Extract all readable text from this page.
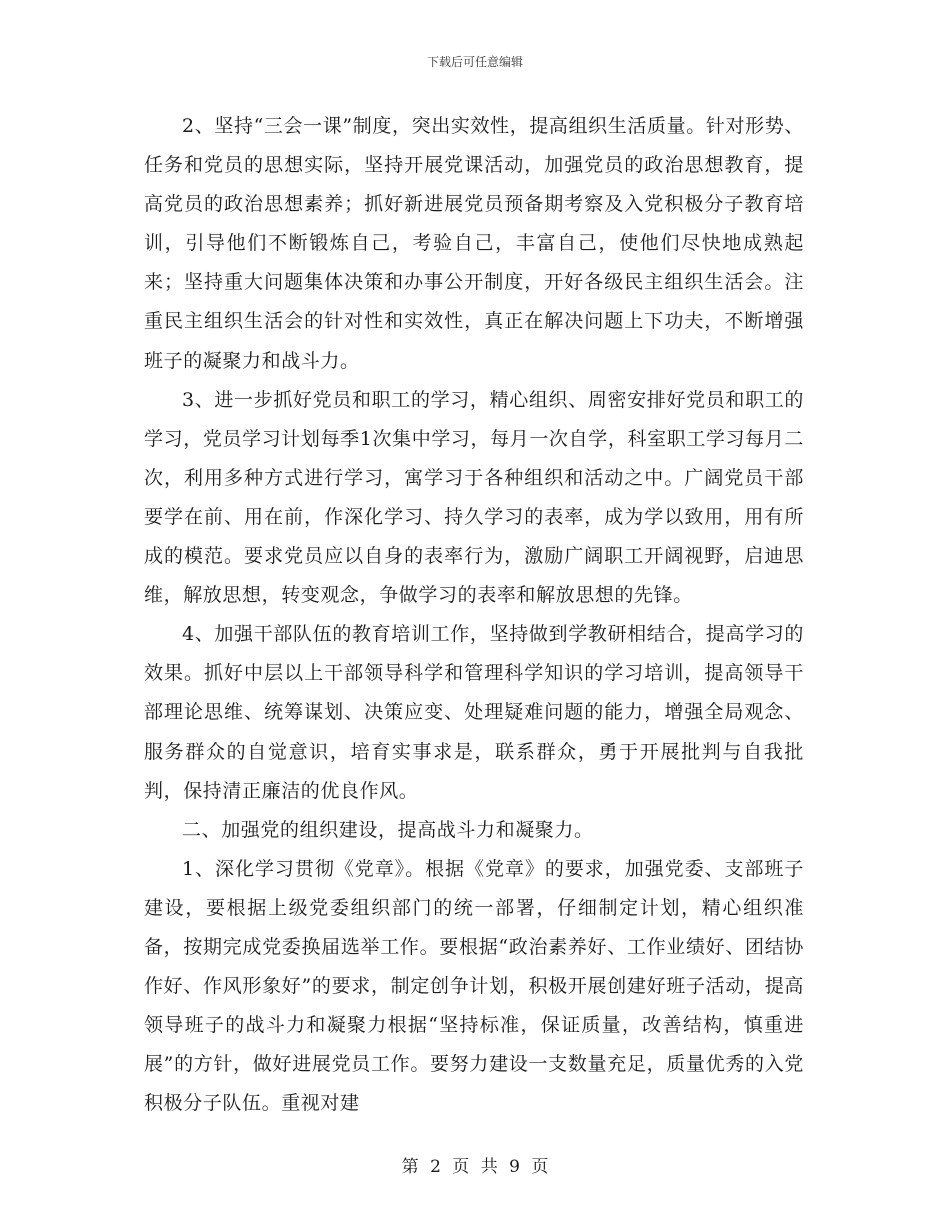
下载后可任意编辑

2、坚持“三会一课”制度，突出实效性，提高组织生活质量。针对形势、任务和党员的思想实际，坚持开展党课活动，加强党员的政治思想教育，提高党员的政治思想素养；抓好新进展党员预备期考察及入党积极分子教育培训，引导他们不断锻炼自己，考验自己，丰富自己，使他们尽快地成熟起来；坚持重大问题集体决策和办事公开制度，开好各级民主组织生活会。注重民主组织生活会的针对性和实效性，真正在解决问题上下功夫，不断增强班子的凝聚力和战斗力。

3、进一步抓好党员和职工的学习，精心组织、周密安排好党员和职工的学习，党员学习计划每季1次集中学习，每月一次自学，科室职工学习每月二次，利用多种方式进行学习，寓学习于各种组织和活动之中。广阔党员干部要学在前、用在前，作深化学习、持久学习的表率，成为学以致用，用有所成的模范。要求党员应以自身的表率行为，激励广阔职工开阔视野，启迪思维，解放思想，转变观念，争做学习的表率和解放思想的先锋。

4、加强干部队伍的教育培训工作，坚持做到学教研相结合，提高学习的效果。抓好中层以上干部领导科学和管理科学知识的学习培训，提高领导干部理论思维、统筹谋划、决策应变、处理疑难问题的能力，增强全局观念、服务群众的自觉意识，培育实事求是，联系群众，勇于开展批判与自我批判，保持清正廉洁的优良作风。

二、加强党的组织建设，提高战斗力和凝聚力。

1、深化学习贯彻《党章》。根据《党章》的要求，加强党委、支部班子建设，要根据上级党委组织部门的统一部署，仔细制定计划，精心组织准备，按期完成党委换届选举工作。要根据“政治素养好、工作业绩好、团结协作好、作风形象好”的要求，制定创争计划，积极开展创建好班子活动，提高领导班子的战斗力和凝聚力根据“坚持标准，保证质量，改善结构，慎重进展”的方针，做好进展党员工作。要努力建设一支数量充足，质量优秀的入党积极分子队伍。重视对建

第 2 页 共 9 页
